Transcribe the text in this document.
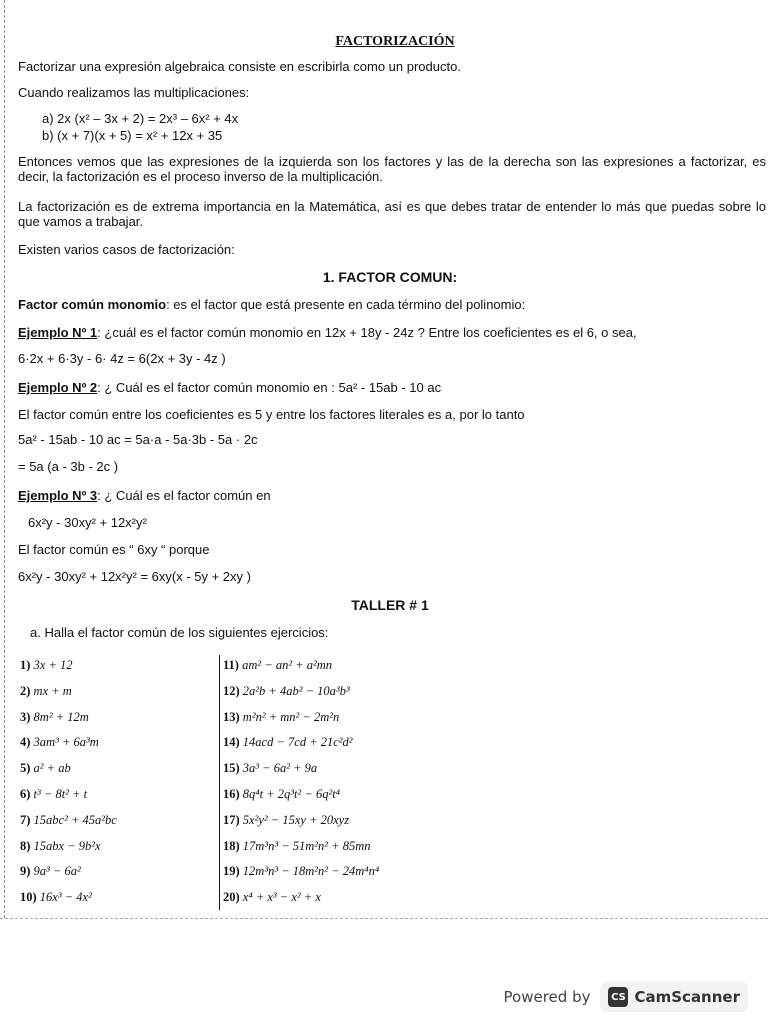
FACTORIZACIÓN
Factorizar una expresión algebraica consiste en escribirla como un producto.
Cuando realizamos las multiplicaciones:
a) 2x (x² – 3x + 2) = 2x³ – 6x² + 4x
b) (x + 7)(x + 5) = x² + 12x + 35
Entonces vemos que las expresiones de la izquierda son los factores y las de la derecha son las expresiones a factorizar, es decir, la factorización es el proceso inverso de la multiplicación.
La factorización es de extrema importancia en la Matemática, así es que debes tratar de entender lo más que puedas sobre lo que vamos a trabajar.
Existen varios casos de factorización:
1. FACTOR COMUN:
Factor común monomio: es el factor que está presente en cada término del polinomio:
Ejemplo Nº 1: ¿cuál es el factor común monomio en 12x + 18y - 24z ? Entre los coeficientes es el 6, o sea,
6·2x + 6·3y - 6· 4z = 6(2x + 3y - 4z )
Ejemplo Nº 2: ¿ Cuál es el factor común monomio en : 5a² - 15ab - 10 ac
El factor común entre los coeficientes es 5 y entre los factores literales es a, por lo tanto
5a² - 15ab - 10 ac = 5a·a - 5a·3b - 5a · 2c
= 5a (a - 3b - 2c )
Ejemplo Nº 3: ¿ Cuál es el factor común en
6x²y - 30xy² + 12x²y²
El factor común es “ 6xy “ porque
6x²y - 30xy² + 12x²y² = 6xy(x - 5y + 2xy )
TALLER # 1
a. Halla el factor común de los siguientes ejercicios:
1) 3x + 12
2) mx + m
3) 8m² + 12m
4) 3am³ + 6a³m
5) a² + ab
6) t³ − 8t² + t
7) 15abc² + 45a²bc
8) 15abx − 9b²x
9) 9a³ − 6a²
10) 16x³ − 4x²
11) am² − an² + a²mn
12) 2a²b + 4ab² − 10a³b³
13) m²n² + mn² − 2m²n
14) 14acd − 7cd + 21c²d²
15) 3a³ − 6a² + 9a
16) 8q⁴t + 2q³t² − 6q²t⁴
17) 5x²y² − 15xy + 20xyz
18) 17m³n³ − 51m²n² + 85mn
19) 12m³n³ − 18m²n² − 24m⁴n⁴
20) x⁴ + x³ − x² + x
Powered by CS CamScanner
